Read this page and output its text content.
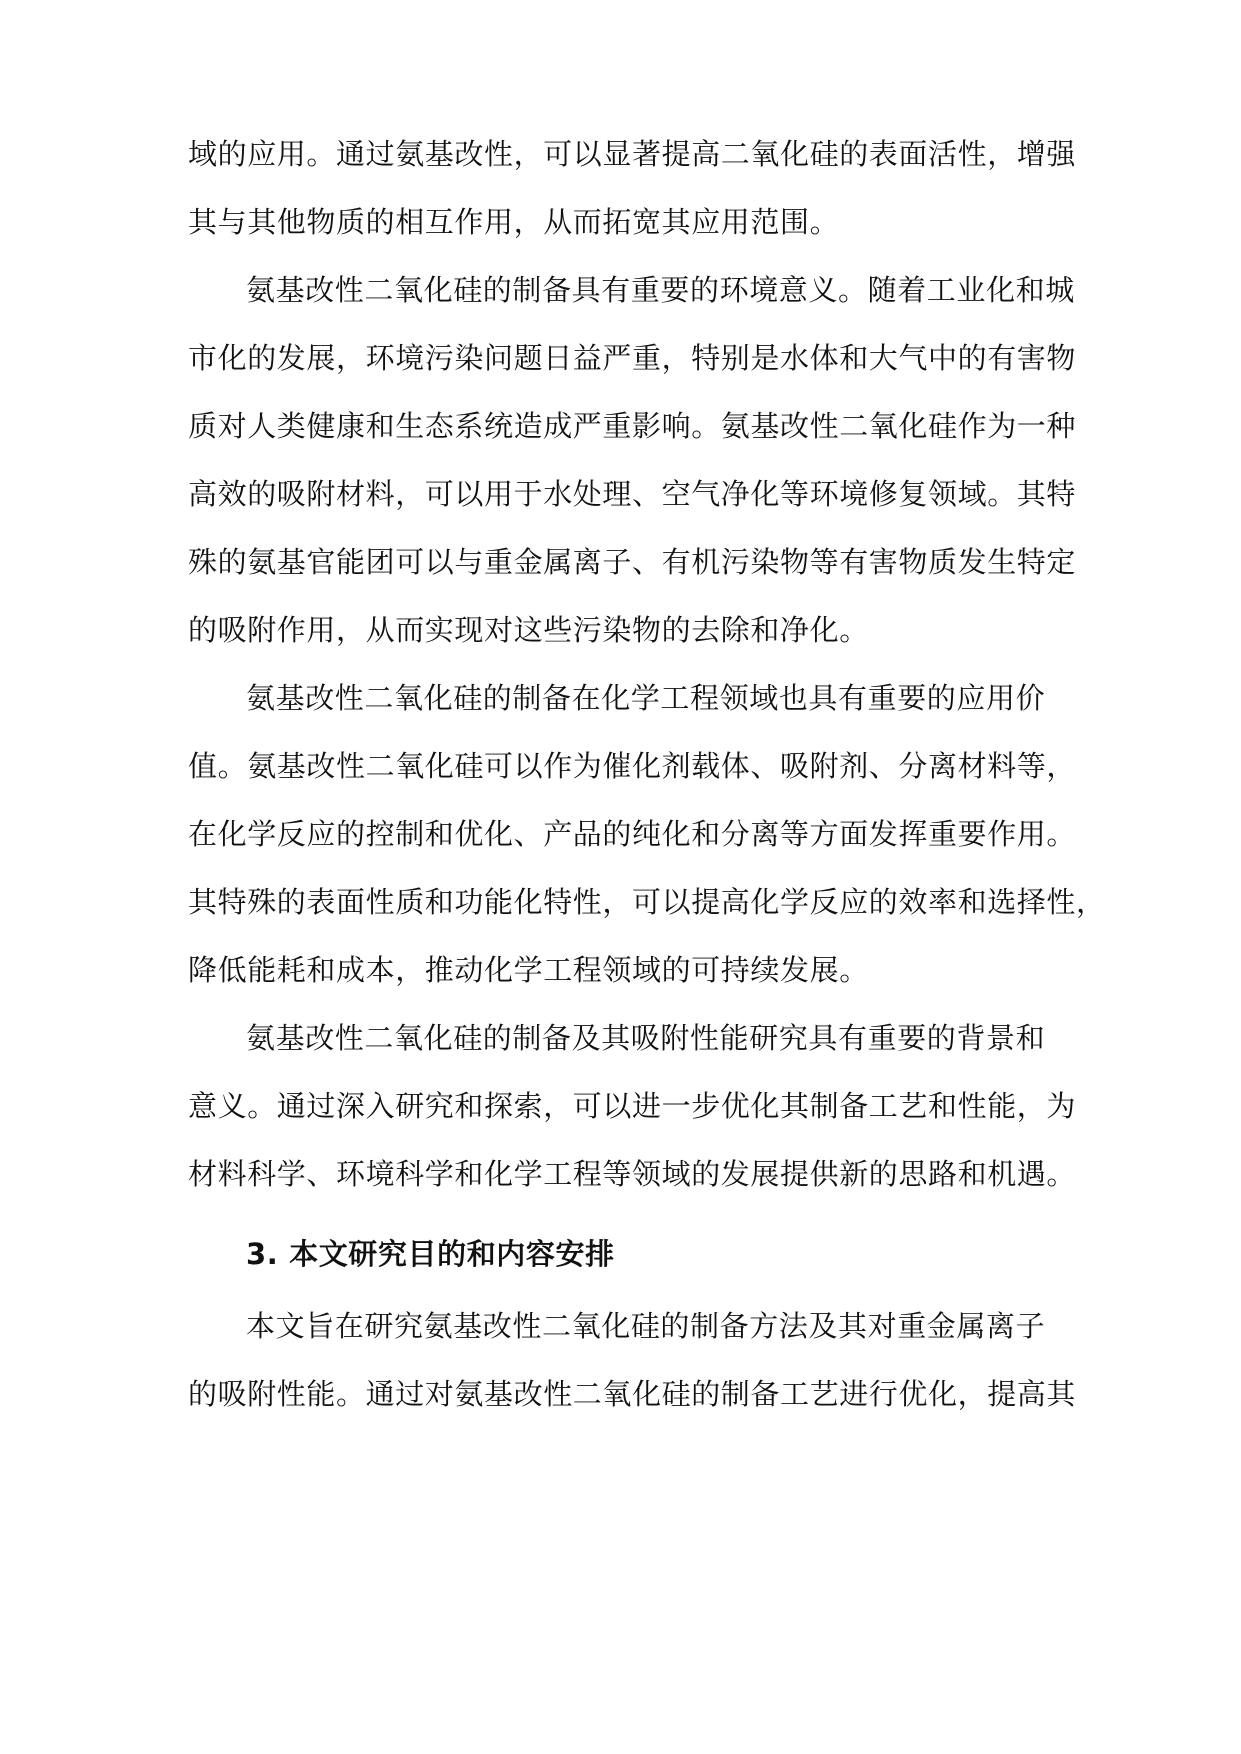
域的应用。通过氨基改性，可以显著提高二氧化硅的表面活性，增强
其与其他物质的相互作用，从而拓宽其应用范围。
氨基改性二氧化硅的制备具有重要的环境意义。随着工业化和城
市化的发展，环境污染问题日益严重，特别是水体和大气中的有害物
质对人类健康和生态系统造成严重影响。氨基改性二氧化硅作为一种
高效的吸附材料，可以用于水处理、空气净化等环境修复领域。其特
殊的氨基官能团可以与重金属离子、有机污染物等有害物质发生特定
的吸附作用，从而实现对这些污染物的去除和净化。
氨基改性二氧化硅的制备在化学工程领域也具有重要的应用价
值。氨基改性二氧化硅可以作为催化剂载体、吸附剂、分离材料等，
在化学反应的控制和优化、产品的纯化和分离等方面发挥重要作用。
其特殊的表面性质和功能化特性，可以提高化学反应的效率和选择性，
降低能耗和成本，推动化学工程领域的可持续发展。
氨基改性二氧化硅的制备及其吸附性能研究具有重要的背景和
意义。通过深入研究和探索，可以进一步优化其制备工艺和性能，为
材料科学、环境科学和化学工程等领域的发展提供新的思路和机遇。
3. 本文研究目的和内容安排
本文旨在研究氨基改性二氧化硅的制备方法及其对重金属离子
的吸附性能。通过对氨基改性二氧化硅的制备工艺进行优化，提高其
